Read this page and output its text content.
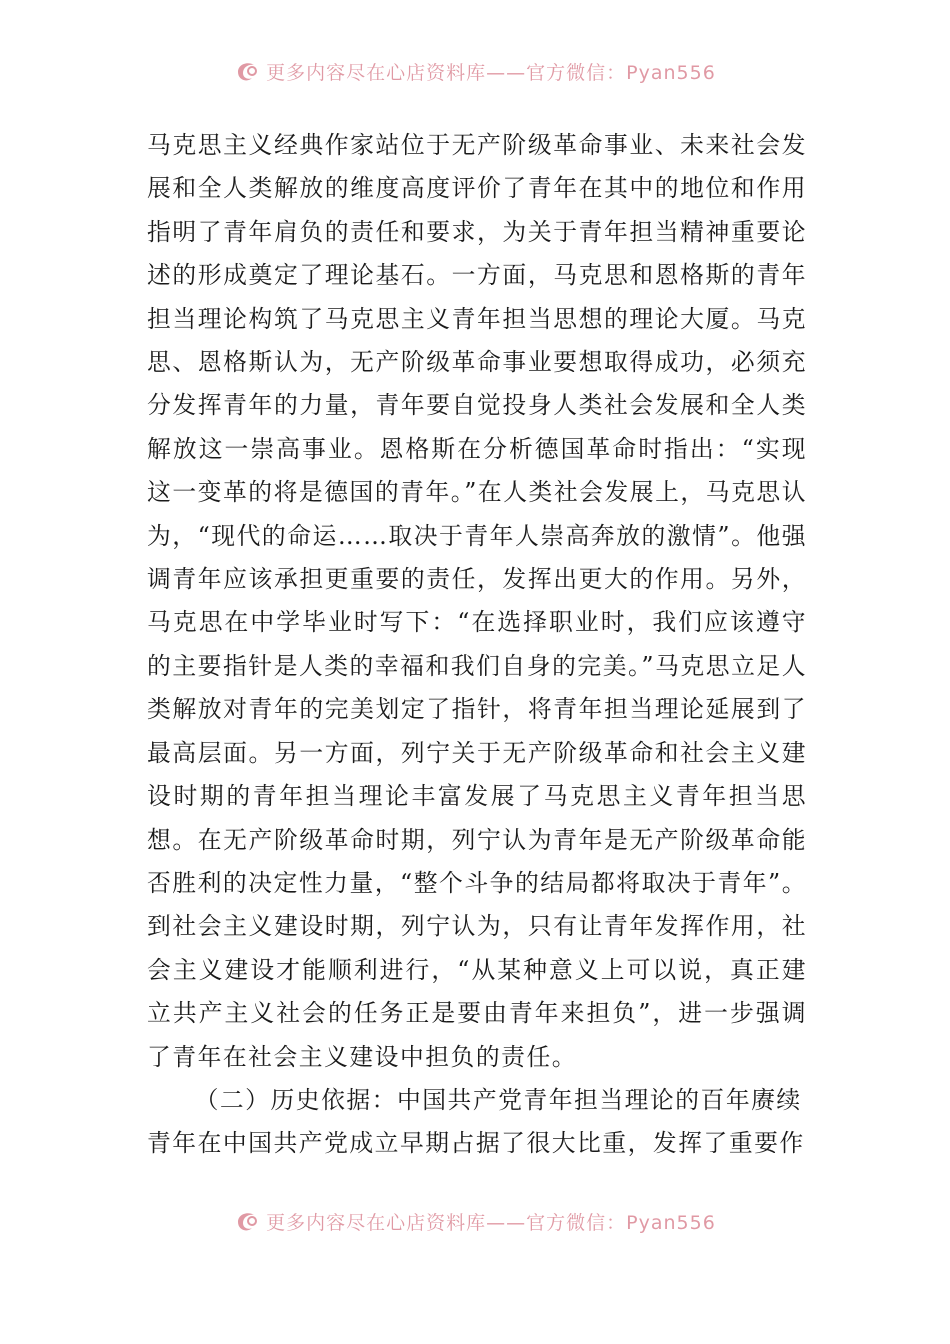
更多内容尽在心店资料库——官方微信：Pyan556

马克思主义经典作家站位于无产阶级革命事业、未来社会发展和全人类解放的维度高度评价了青年在其中的地位和作用指明了青年肩负的责任和要求，为关于青年担当精神重要论述的形成奠定了理论基石。一方面，马克思和恩格斯的青年担当理论构筑了马克思主义青年担当思想的理论大厦。马克思、恩格斯认为，无产阶级革命事业要想取得成功，必须充分发挥青年的力量，青年要自觉投身人类社会发展和全人类解放这一崇高事业。恩格斯在分析德国革命时指出：“实现这一变革的将是德国的青年。”在人类社会发展上，马克思认为，“现代的命运……取决于青年人崇高奔放的激情”。他强调青年应该承担更重要的责任，发挥出更大的作用。另外，马克思在中学毕业时写下：“在选择职业时，我们应该遵守的主要指针是人类的幸福和我们自身的完美。”马克思立足人类解放对青年的完美划定了指针，将青年担当理论延展到了最高层面。另一方面，列宁关于无产阶级革命和社会主义建设时期的青年担当理论丰富发展了马克思主义青年担当思想。在无产阶级革命时期，列宁认为青年是无产阶级革命能否胜利的决定性力量，“整个斗争的结局都将取决于青年”。到社会主义建设时期，列宁认为，只有让青年发挥作用，社会主义建设才能顺利进行，“从某种意义上可以说，真正建立共产主义社会的任务正是要由青年来担负”，进一步强调了青年在社会主义建设中担负的责任。

（二）历史依据：中国共产党青年担当理论的百年赓续

青年在中国共产党成立早期占据了很大比重，发挥了重要作

更多内容尽在心店资料库——官方微信：Pyan556
